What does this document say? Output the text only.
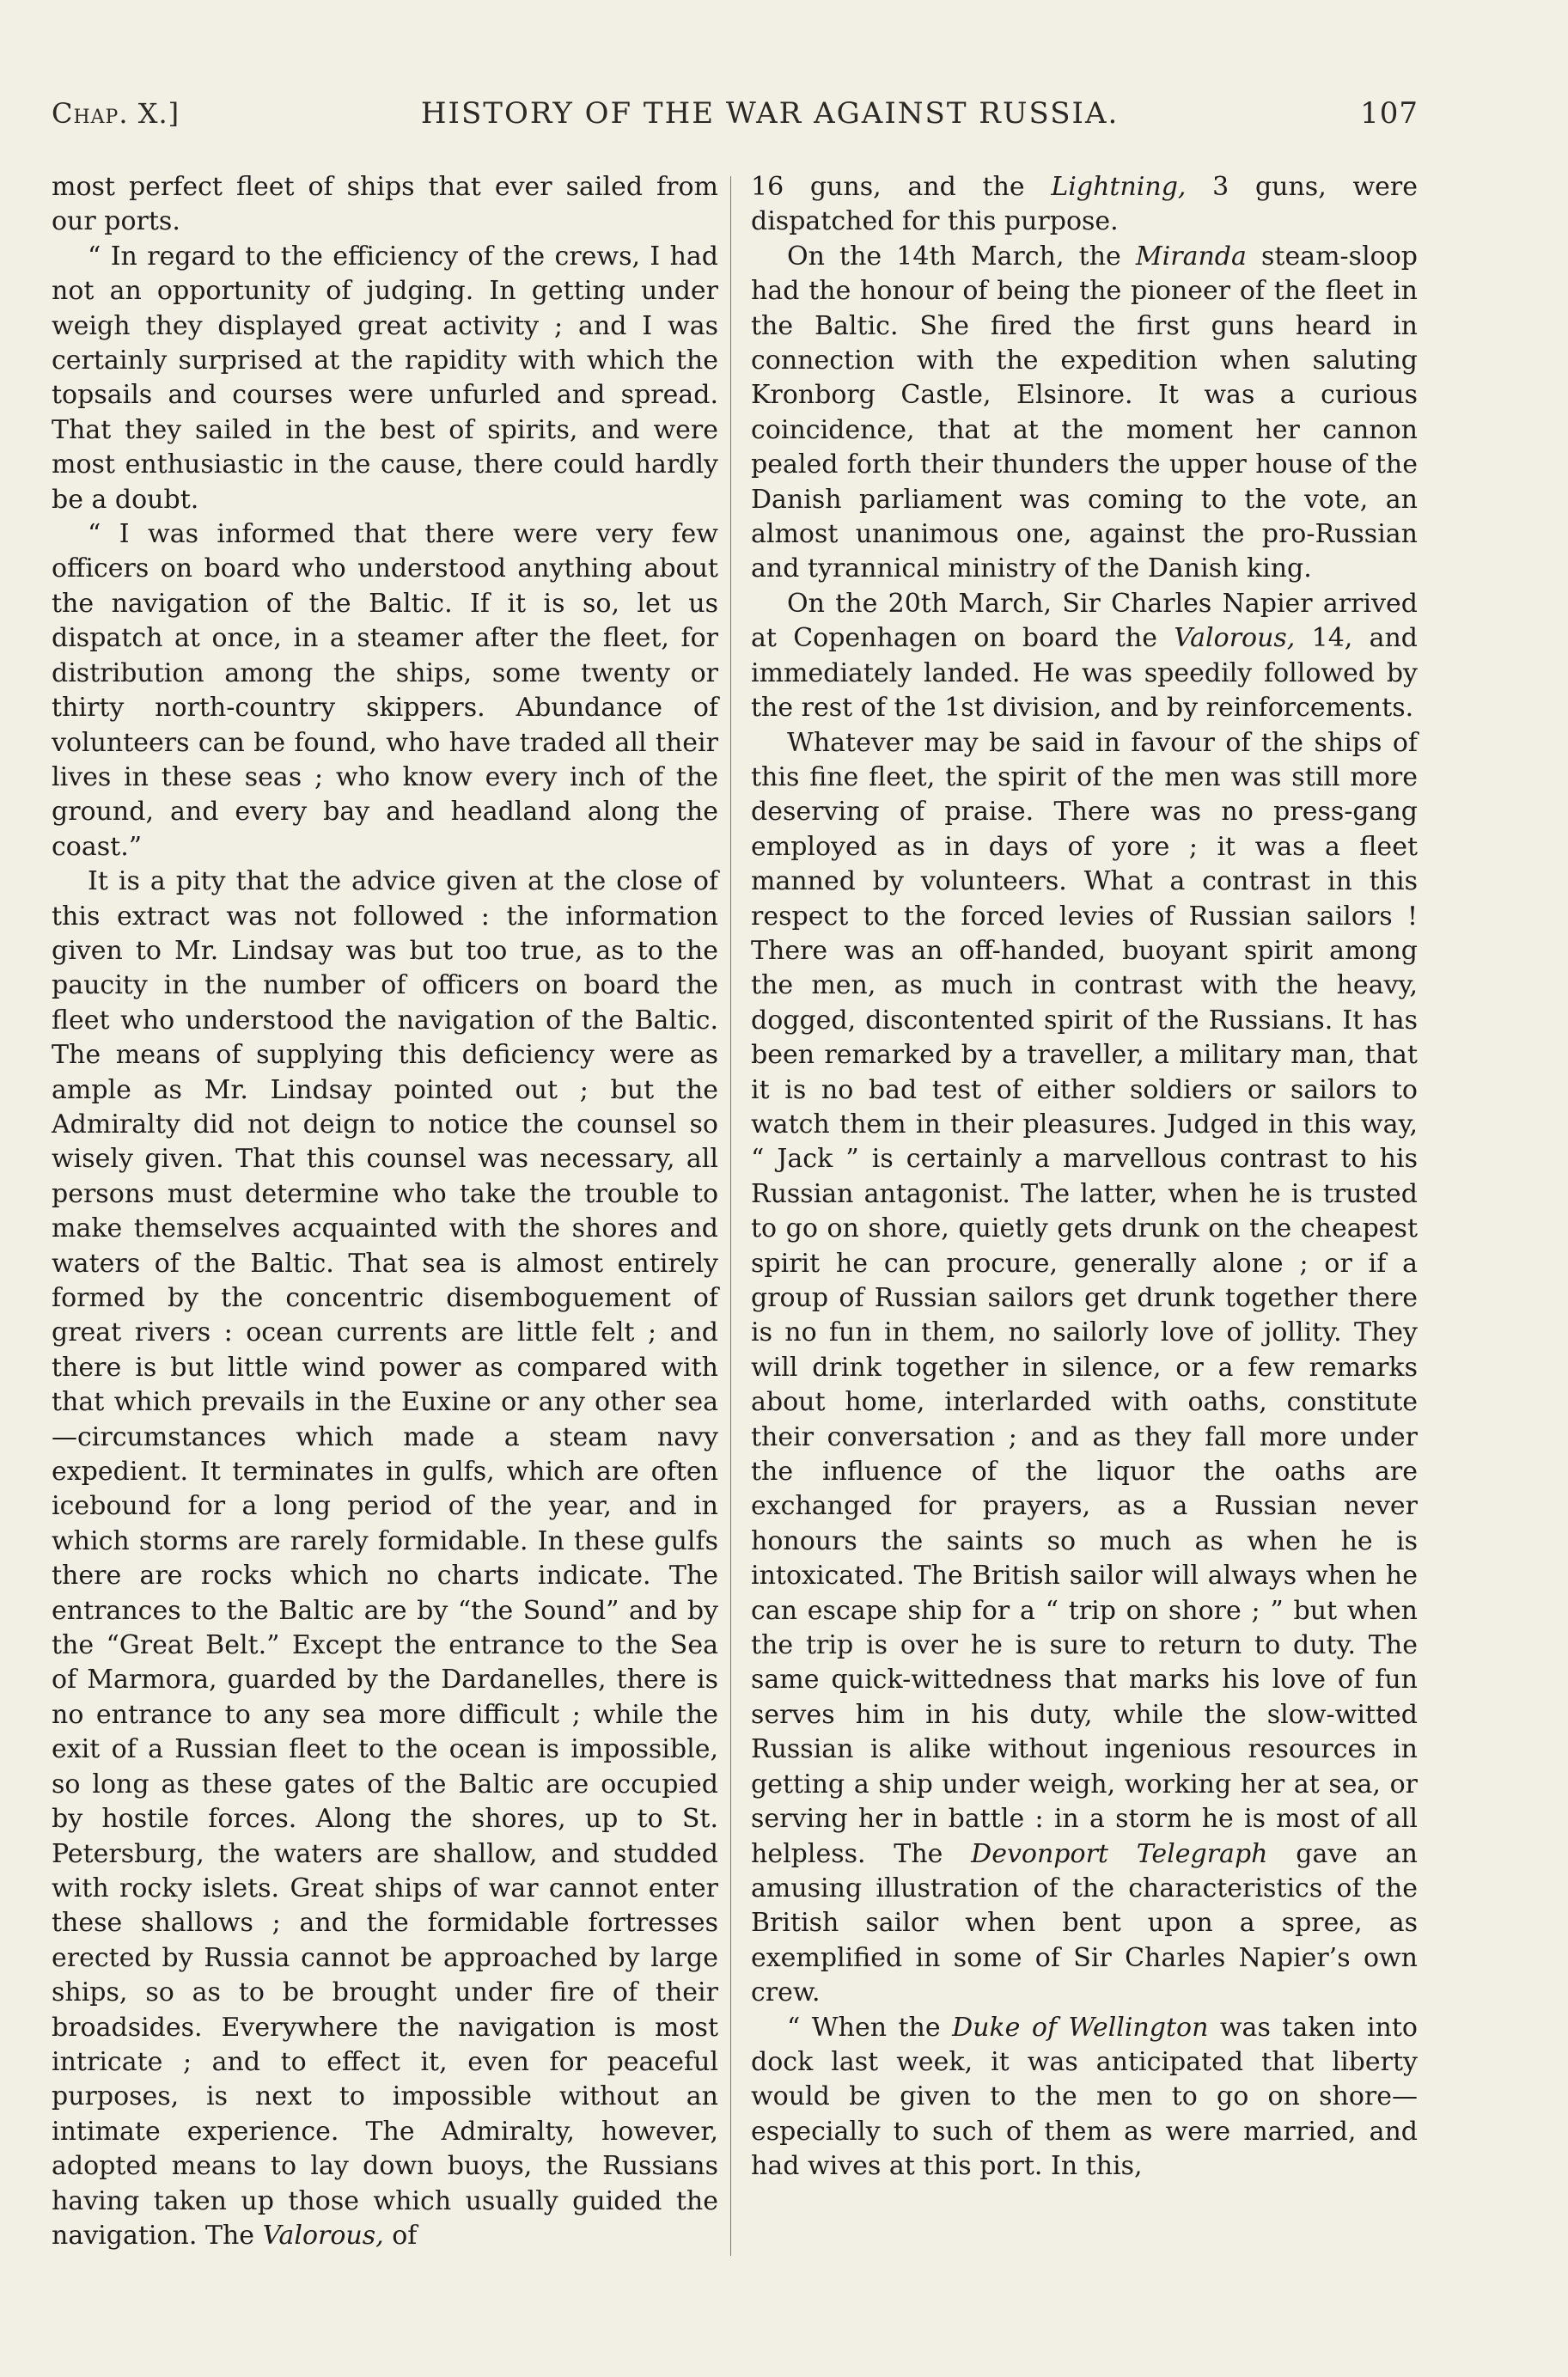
Chap. X.]	HISTORY OF THE WAR AGAINST RUSSIA.	107

most perfect fleet of ships that ever sailed from our ports.

“ In regard to the efficiency of the crews, I had not an opportunity of judging. In getting under weigh they displayed great activity ; and I was certainly surprised at the rapidity with which the topsails and courses were unfurled and spread. That they sailed in the best of spirits, and were most enthusiastic in the cause, there could hardly be a doubt.

“ I was informed that there were very few officers on board who understood anything about the navigation of the Baltic. If it is so, let us dispatch at once, in a steamer after the fleet, for distribution among the ships, some twenty or thirty north-country skippers. Abundance of volunteers can be found, who have traded all their lives in these seas ; who know every inch of the ground, and every bay and headland along the coast.”

It is a pity that the advice given at the close of this extract was not followed : the information given to Mr. Lindsay was but too true, as to the paucity in the number of officers on board the fleet who understood the navigation of the Baltic. The means of supplying this deficiency were as ample as Mr. Lindsay pointed out ; but the Admiralty did not deign to notice the counsel so wisely given. That this counsel was necessary, all persons must determine who take the trouble to make themselves acquainted with the shores and waters of the Baltic. That sea is almost entirely formed by the concentric disemboguement of great rivers : ocean currents are little felt ; and there is but little wind power as compared with that which prevails in the Euxine or any other sea—circumstances which made a steam navy expedient. It terminates in gulfs, which are often icebound for a long period of the year, and in which storms are rarely formidable. In these gulfs there are rocks which no charts indicate. The entrances to the Baltic are by “the Sound” and by the “Great Belt.” Except the entrance to the Sea of Marmora, guarded by the Dardanelles, there is no entrance to any sea more difficult ; while the exit of a Russian fleet to the ocean is impossible, so long as these gates of the Baltic are occupied by hostile forces. Along the shores, up to St. Petersburg, the waters are shallow, and studded with rocky islets. Great ships of war cannot enter these shallows ; and the formidable fortresses erected by Russia cannot be approached by large ships, so as to be brought under fire of their broadsides. Everywhere the navigation is most intricate ; and to effect it, even for peaceful purposes, is next to impossible without an intimate experience. The Admiralty, however, adopted means to lay down buoys, the Russians having taken up those which usually guided the navigation. The Valorous, of

16 guns, and the Lightning, 3 guns, were dispatched for this purpose.

On the 14th March, the Miranda steam-sloop had the honour of being the pioneer of the fleet in the Baltic. She fired the first guns heard in connection with the expedition when saluting Kronborg Castle, Elsinore. It was a curious coincidence, that at the moment her cannon pealed forth their thunders the upper house of the Danish parliament was coming to the vote, an almost unanimous one, against the pro-Russian and tyrannical ministry of the Danish king.

On the 20th March, Sir Charles Napier arrived at Copenhagen on board the Valorous, 14, and immediately landed. He was speedily followed by the rest of the 1st division, and by reinforcements.

Whatever may be said in favour of the ships of this fine fleet, the spirit of the men was still more deserving of praise. There was no press-gang employed as in days of yore ; it was a fleet manned by volunteers. What a contrast in this respect to the forced levies of Russian sailors ! There was an off-handed, buoyant spirit among the men, as much in contrast with the heavy, dogged, discontented spirit of the Russians. It has been remarked by a traveller, a military man, that it is no bad test of either soldiers or sailors to watch them in their pleasures. Judged in this way, “ Jack ” is certainly a marvellous contrast to his Russian antagonist. The latter, when he is trusted to go on shore, quietly gets drunk on the cheapest spirit he can procure, generally alone ; or if a group of Russian sailors get drunk together there is no fun in them, no sailorly love of jollity. They will drink together in silence, or a few remarks about home, interlarded with oaths, constitute their conversation ; and as they fall more under the influence of the liquor the oaths are exchanged for prayers, as a Russian never honours the saints so much as when he is intoxicated. The British sailor will always when he can escape ship for a “ trip on shore ; ” but when the trip is over he is sure to return to duty. The same quick-wittedness that marks his love of fun serves him in his duty, while the slow-witted Russian is alike without ingenious resources in getting a ship under weigh, working her at sea, or serving her in battle : in a storm he is most of all helpless. The Devonport Telegraph gave an amusing illustration of the characteristics of the British sailor when bent upon a spree, as exemplified in some of Sir Charles Napier’s own crew.

“ When the Duke of Wellington was taken into dock last week, it was anticipated that liberty would be given to the men to go on shore—especially to such of them as were married, and had wives at this port. In this,
